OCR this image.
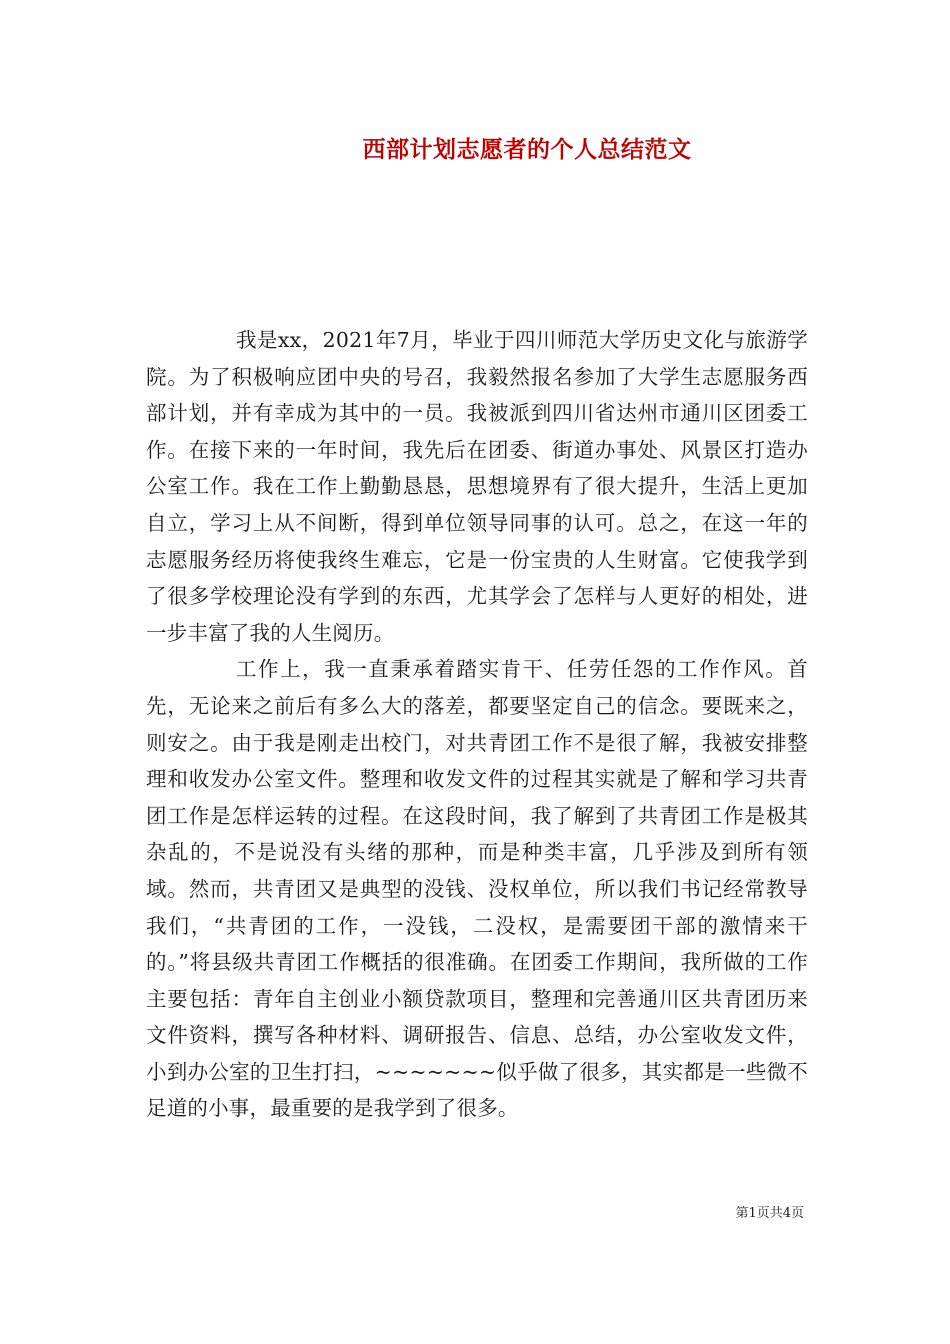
西部计划志愿者的个人总结范文

我是xx，2021年7月，毕业于四川师范大学历史文化与旅游学院。为了积极响应团中央的号召，我毅然报名参加了大学生志愿服务西部计划，并有幸成为其中的一员。我被派到四川省达州市通川区团委工作。在接下来的一年时间，我先后在团委、街道办事处、风景区打造办公室工作。我在工作上勤勤恳恳，思想境界有了很大提升，生活上更加自立，学习上从不间断，得到单位领导同事的认可。总之，在这一年的志愿服务经历将使我终生难忘，它是一份宝贵的人生财富。它使我学到了很多学校理论没有学到的东西，尤其学会了怎样与人更好的相处，进一步丰富了我的人生阅历。

工作上，我一直秉承着踏实肯干、任劳任怨的工作作风。首先，无论来之前后有多么大的落差，都要坚定自己的信念。要既来之，则安之。由于我是刚走出校门，对共青团工作不是很了解，我被安排整理和收发办公室文件。整理和收发文件的过程其实就是了解和学习共青团工作是怎样运转的过程。在这段时间，我了解到了共青团工作是极其杂乱的，不是说没有头绪的那种，而是种类丰富，几乎涉及到所有领域。然而，共青团又是典型的没钱、没权单位，所以我们书记经常教导我们，“共青团的工作，一没钱，二没权，是需要团干部的激情来干的。”将县级共青团工作概括的很准确。在团委工作期间，我所做的工作主要包括：青年自主创业小额贷款项目，整理和完善通川区共青团历来文件资料，撰写各种材料、调研报告、信息、总结，办公室收发文件，小到办公室的卫生打扫，~~~~~~~似乎做了很多，其实都是一些微不足道的小事，最重要的是我学到了很多。

第1页共4页
